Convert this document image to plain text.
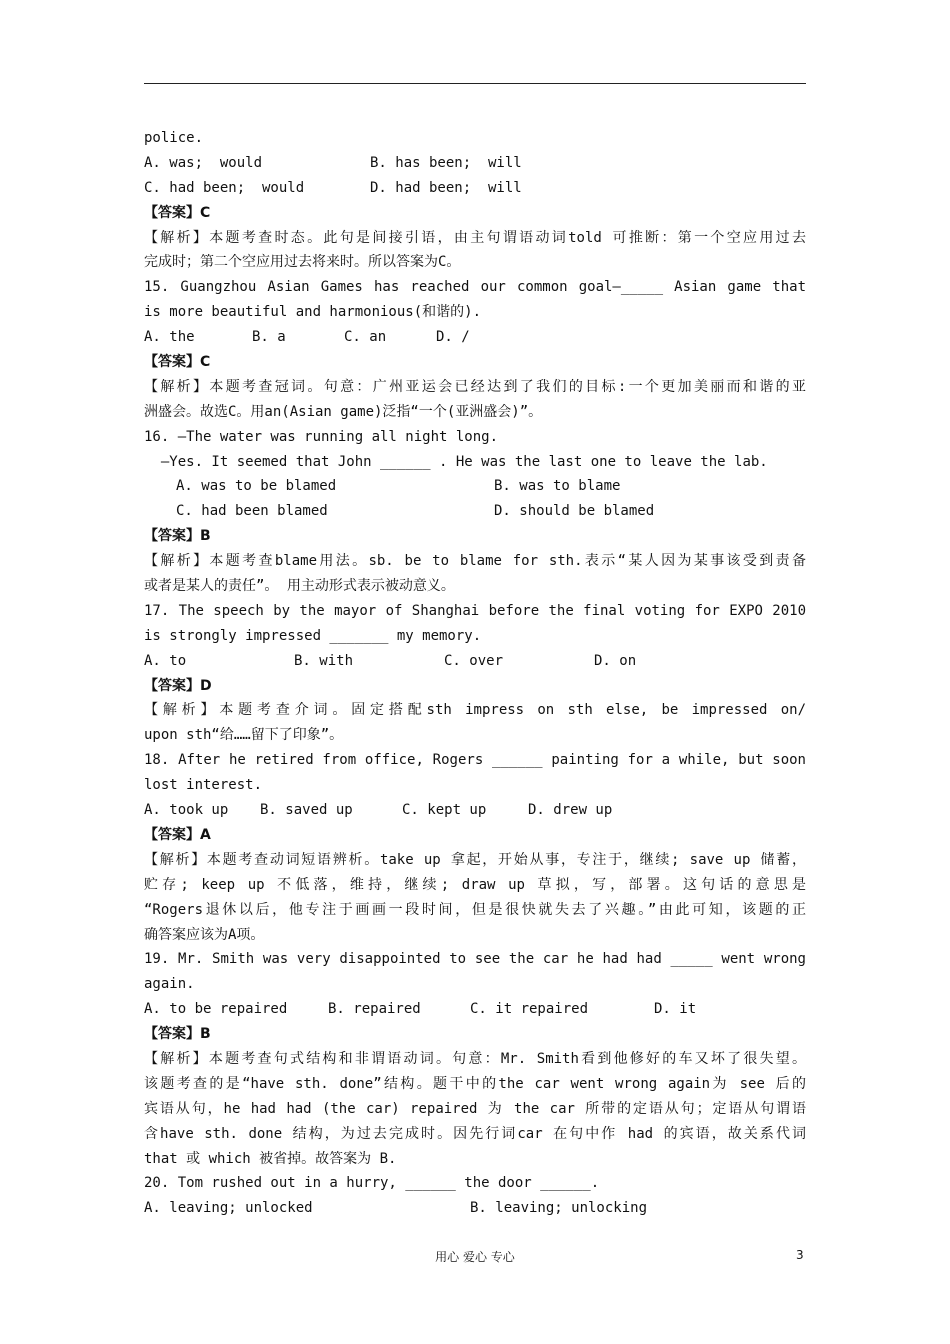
police.
A. was;  would	B. has been;  will
C. had been;  would	D. had been;  will
【答案】C
【解析】本题考查时态。此句是间接引语，由主句谓语动词told 可推断：第一个空应用过去
完成时；第二个空应用过去将来时。所以答案为C。
15. Guangzhou Asian Games has reached our common goal—_____ Asian game that
is more beautiful and harmonious(和谐的).
A. the	B. a	C. an	D. /
【答案】C
【解析】本题考查冠词。句意：广州亚运会已经达到了我们的目标:一个更加美丽而和谐的亚
洲盛会。故选C。用an(Asian game)泛指“一个(亚洲盛会)”。
16. —The water was running all night long.
—Yes. It seemed that John ______ . He was the last one to leave the lab.
A. was to be blamed	B. was to blame
C. had been blamed	D. should be blamed
【答案】B
【解析】本题考查blame用法。sb. be to blame for sth.表示“某人因为某事该受到责备
或者是某人的责任”。 用主动形式表示被动意义。
17. The speech by the mayor of Shanghai before the final voting for EXPO 2010
is strongly impressed _______ my memory.
A. to	B. with	C. over	D. on
【答案】D
【解析】本题考查介词。固定搭配sth impress on sth else, be impressed on/
upon sth“给……留下了印象”。
18. After he retired from office, Rogers ______ painting for a while, but soon
lost interest.
A. took up	B. saved up	C. kept up	D. drew up
【答案】A
【解析】本题考查动词短语辨析。take up 拿起，开始从事，专注于，继续; save up 储蓄，
贮存; keep up 不低落，维持，继续; draw up 草拟，写，部署。这句话的意思是
“Rogers退休以后，他专注于画画一段时间，但是很快就失去了兴趣。”由此可知，该题的正
确答案应该为A项。
19. Mr. Smith was very disappointed to see the car he had had _____ went wrong
again.
A. to be repaired	B. repaired	C. it repaired	D. it
【答案】B
【解析】本题考查句式结构和非谓语动词。句意：Mr. Smith看到他修好的车又坏了很失望。
该题考查的是“have sth. done”结构。题干中的the car went wrong again为 see 后的
宾语从句，he had had (the car) repaired 为 the car 所带的定语从句；定语从句谓语
含have sth. done 结构，为过去完成时。因先行词car 在句中作 had 的宾语，故关系代词
that 或 which 被省掉。故答案为 B.
20. Tom rushed out in a hurry, ______ the door ______.
A. leaving; unlocked	B. leaving; unlocking
用心 爱心 专心	3
